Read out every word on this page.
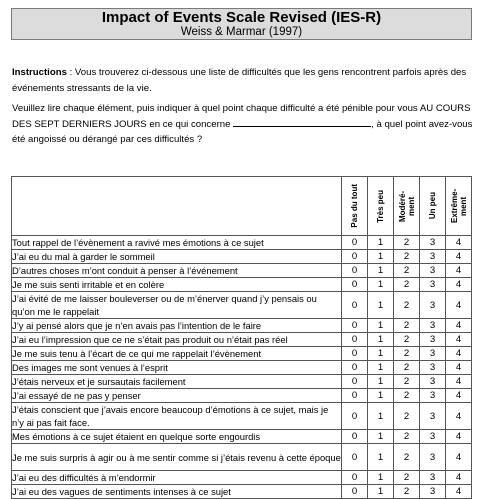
Impact of Events Scale Revised (IES-R)
Weiss & Marmar (1997)
Instructions : Vous trouverez ci-dessous une liste de difficultés que les gens rencontrent parfois après des événements stressants de la vie.
Veuillez lire chaque élément, puis indiquer à quel point chaque difficulté a été pénible pour vous AU COURS DES SEPT DERNIERS JOURS en ce qui concerne	, à quel point avez-vous été angoissé ou dérangé par ces difficultés ?

	Pas du tout	Très peu	Modéré-ment	Un peu	Extrême-ment

Tout rappel de l’évènement a ravivé mes émotions à ce sujet	0	1	2	3	4
J’ai eu du mal à garder le sommeil	0	1	2	3	4
D’autres choses m’ont conduit à penser à l’événement	0	1	2	3	4
Je me suis senti irritable et en colère	0	1	2	3	4
J’ai évité de me laisser bouleverser ou de m’énerver quand j’y pensais ou qu’on me le rappelait	0	1	2	3	4
J’y ai pensé alors que je n’en avais pas l’intention de le faire	0	1	2	3	4
J’ai eu l’impression que ce ne s’était pas produit ou n’était pas réel	0	1	2	3	4
Je me suis tenu à l’écart de ce qui me rappelait l’évènement	0	1	2	3	4
Des images me sont venues à l’esprit	0	1	2	3	4
J’étais nerveux et je sursautais facilement	0	1	2	3	4
J’ai essayé de ne pas y penser	0	1	2	3	4
J’étais conscient que j’avais encore beaucoup d’émotions à ce sujet, mais je n’y ai pas fait face.	0	1	2	3	4
Mes émotions à ce sujet étaient en quelque sorte engourdis	0	1	2	3	4
Je me suis surpris à agir ou à me sentir comme si j’étais revenu à cette époque	0	1	2	3	4
J’ai eu des difficultés à m’endormir	0	1	2	3	4
J’ai eu des vagues de sentiments intenses à ce sujet	0	1	2	3	4
